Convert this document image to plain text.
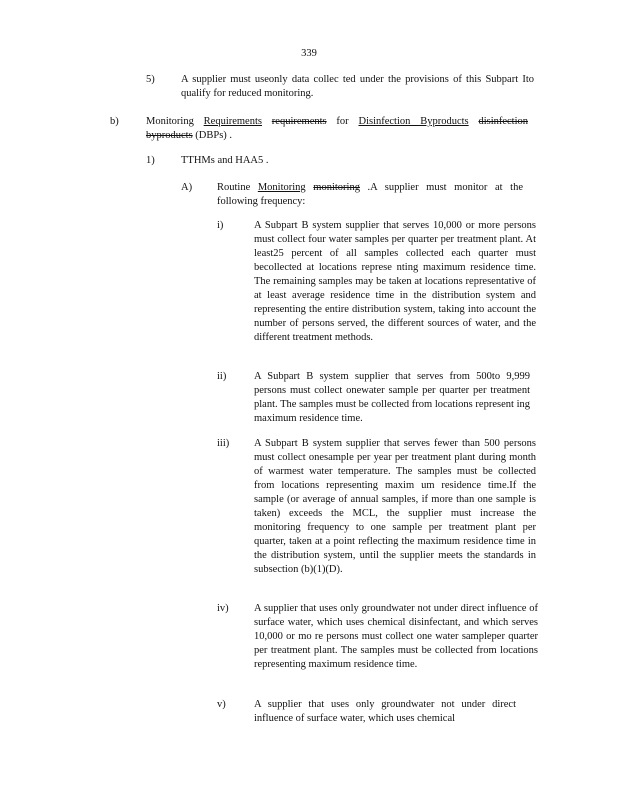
339
5)	A supplier must useonly data collec ted under the provisions of this Subpart Ito qualify for reduced monitoring.
b)	Monitoring Requirements requirements for Disinfection Byproducts disinfection byproducts (DBPs) .
1)	TTHMs and HAA5 .
A) Routine Monitoring monitoring .A supplier must monitor at the following frequency:
i)	A Subpart B system supplier that serves 10,000 or more persons must collect four water samples per quarter per treatment plant. At least25 percent of all samples collected each quarter must becollected at locations represe nting maximum residence time. The remaining samples may be taken at locations representative of at least average residence time in the distribution system and representing the entire distribution system, taking into account the number of persons served, the different sources of water, and the different treatment methods.
ii)	A Subpart B system supplier that serves from 500to 9,999 persons must collect onewater sample per quarter per treatment plant. The samples must be collected from locations represent ing maximum residence time.
iii) A Subpart B system supplier that serves fewer than 500 persons must collect onesample per year per treatment plant during month of warmest water temperature. The samples must be collected from locations representing maxim um residence time.If the sample (or average of annual samples, if more than one sample is taken) exceeds the MCL, the supplier must increase the monitoring frequency to one sample per treatment plant per quarter, taken at a point reflecting the maximum residence time in the distribution system, until the supplier meets the standards in subsection (b)(1)(D).
iv) A supplier that uses only groundwater not under direct influence of surface water, which uses chemical disinfectant, and which serves 10,000 or mo re persons must collect one water sampleper quarter per treatment plant. The samples must be collected from locations representing maximum residence time.
v)	A supplier that uses only groundwater not under direct influence of surface water, which uses chemical
